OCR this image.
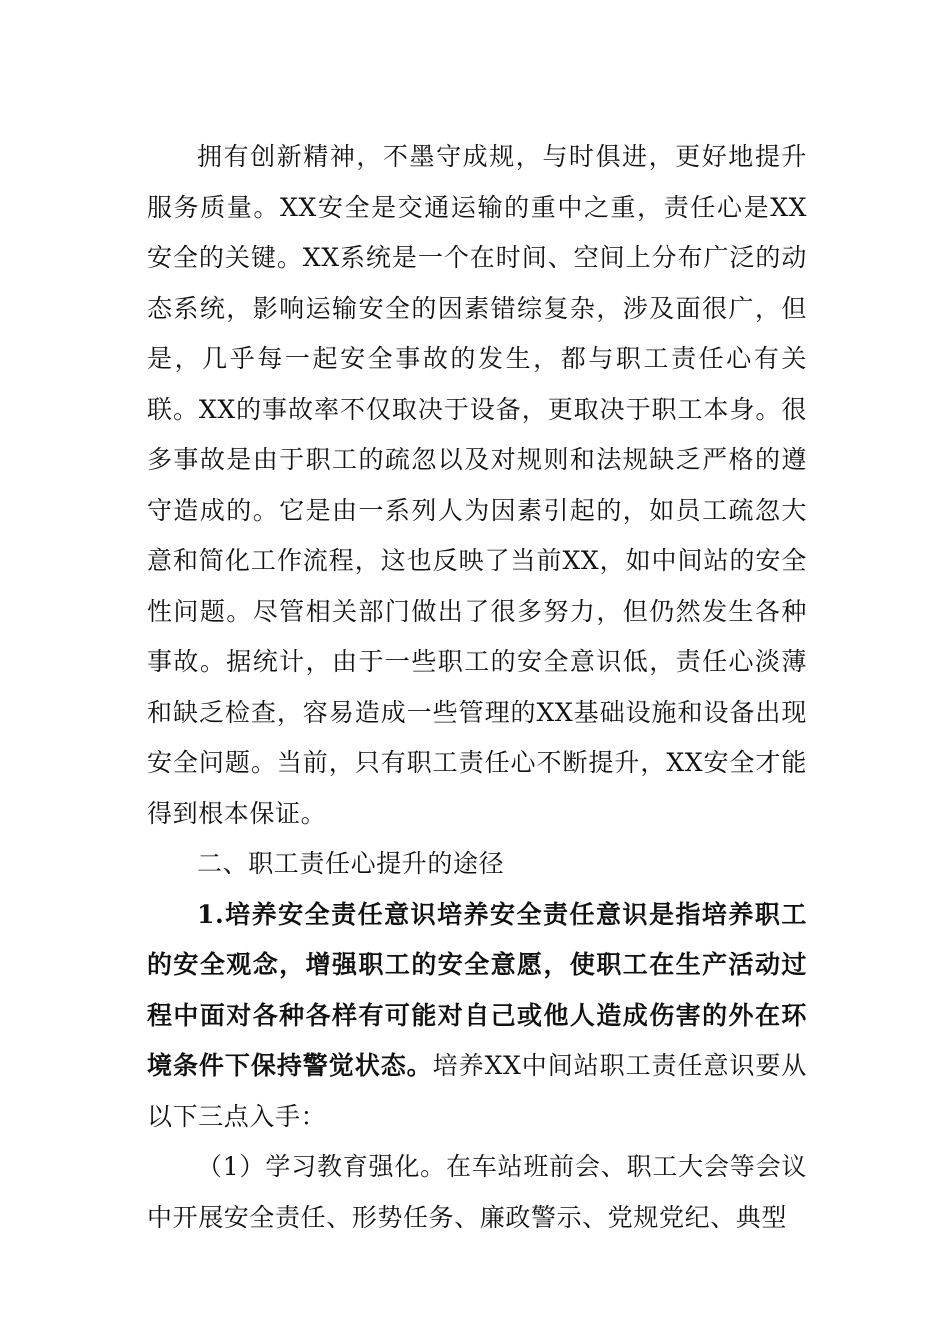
拥有创新精神，不墨守成规，与时俱进，更好地提升服务质量。XX安全是交通运输的重中之重，责任心是XX安全的关键。XX系统是一个在时间、空间上分布广泛的动态系统，影响运输安全的因素错综复杂，涉及面很广，但是，几乎每一起安全事故的发生，都与职工责任心有关联。XX的事故率不仅取决于设备，更取决于职工本身。很多事故是由于职工的疏忽以及对规则和法规缺乏严格的遵守造成的。它是由一系列人为因素引起的，如员工疏忽大意和简化工作流程，这也反映了当前XX，如中间站的安全性问题。尽管相关部门做出了很多努力，但仍然发生各种事故。据统计，由于一些职工的安全意识低，责任心淡薄和缺乏检查，容易造成一些管理的XX基础设施和设备出现安全问题。当前，只有职工责任心不断提升，XX安全才能得到根本保证。

二、职工责任心提升的途径

1.培养安全责任意识培养安全责任意识是指培养职工的安全观念，增强职工的安全意愿，使职工在生产活动过程中面对各种各样有可能对自己或他人造成伤害的外在环境条件下保持警觉状态。培养XX中间站职工责任意识要从以下三点入手：

（1）学习教育强化。在车站班前会、职工大会等会议中开展安全责任、形势任务、廉政警示、党规党纪、典型
